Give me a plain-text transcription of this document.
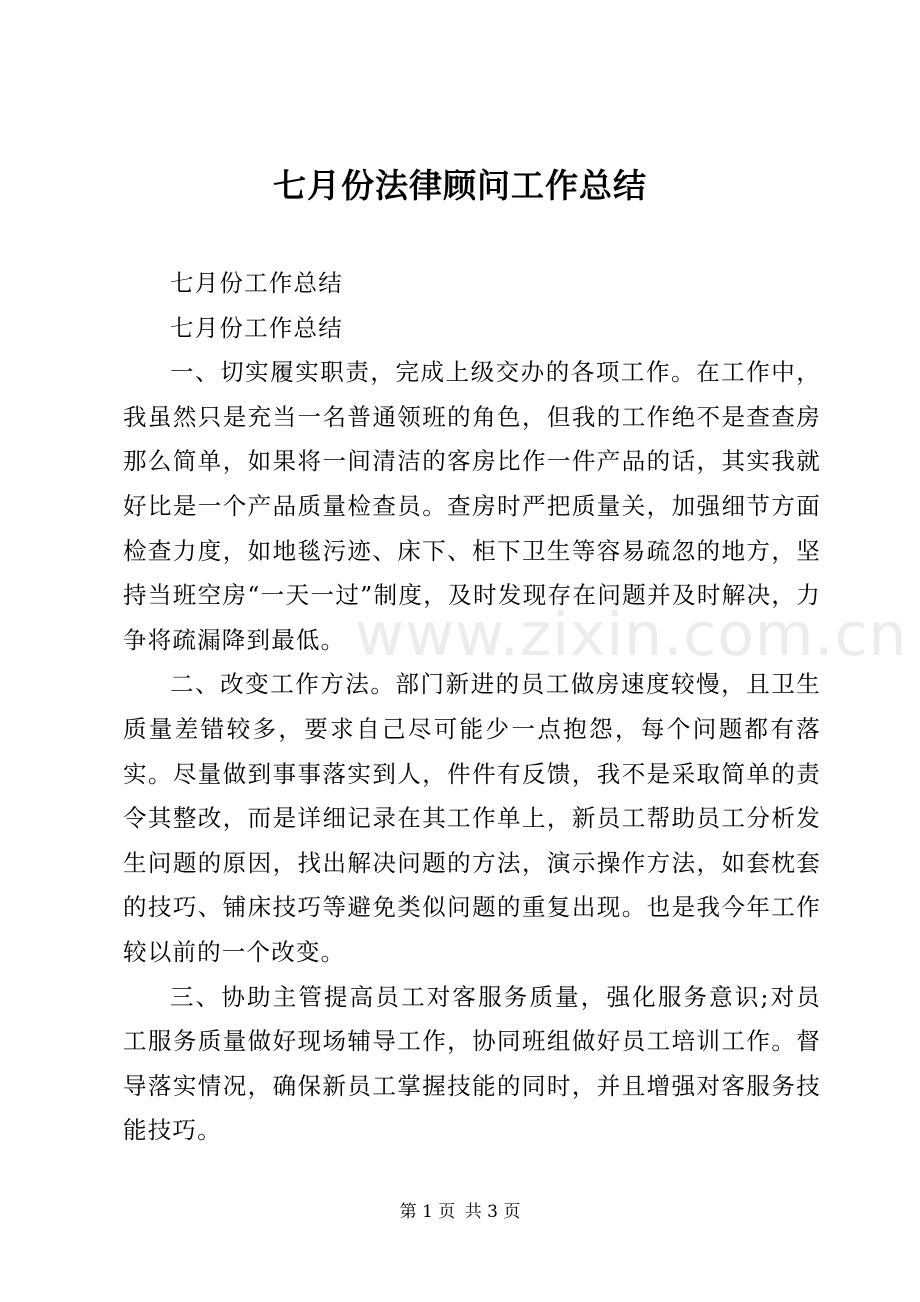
www.zixin.com.cn
七月份法律顾问工作总结

七月份工作总结

七月份工作总结

一、切实履实职责，完成上级交办的各项工作。在工作中，我虽然只是充当一名普通领班的角色，但我的工作绝不是查查房那么简单，如果将一间清洁的客房比作一件产品的话，其实我就好比是一个产品质量检查员。查房时严把质量关，加强细节方面检查力度，如地毯污迹、床下、柜下卫生等容易疏忽的地方，坚持当班空房“一天一过”制度，及时发现存在问题并及时解决，力争将疏漏降到最低。

二、改变工作方法。部门新进的员工做房速度较慢，且卫生质量差错较多，要求自己尽可能少一点抱怨，每个问题都有落实。尽量做到事事落实到人，件件有反馈，我不是采取简单的责令其整改，而是详细记录在其工作单上，新员工帮助员工分析发生问题的原因，找出解决问题的方法，演示操作方法，如套枕套的技巧、铺床技巧等避免类似问题的重复出现。也是我今年工作较以前的一个改变。

三、协助主管提高员工对客服务质量，强化服务意识;对员工服务质量做好现场辅导工作，协同班组做好员工培训工作。督导落实情况，确保新员工掌握技能的同时，并且增强对客服务技能技巧。

第 1 页 共 3 页
